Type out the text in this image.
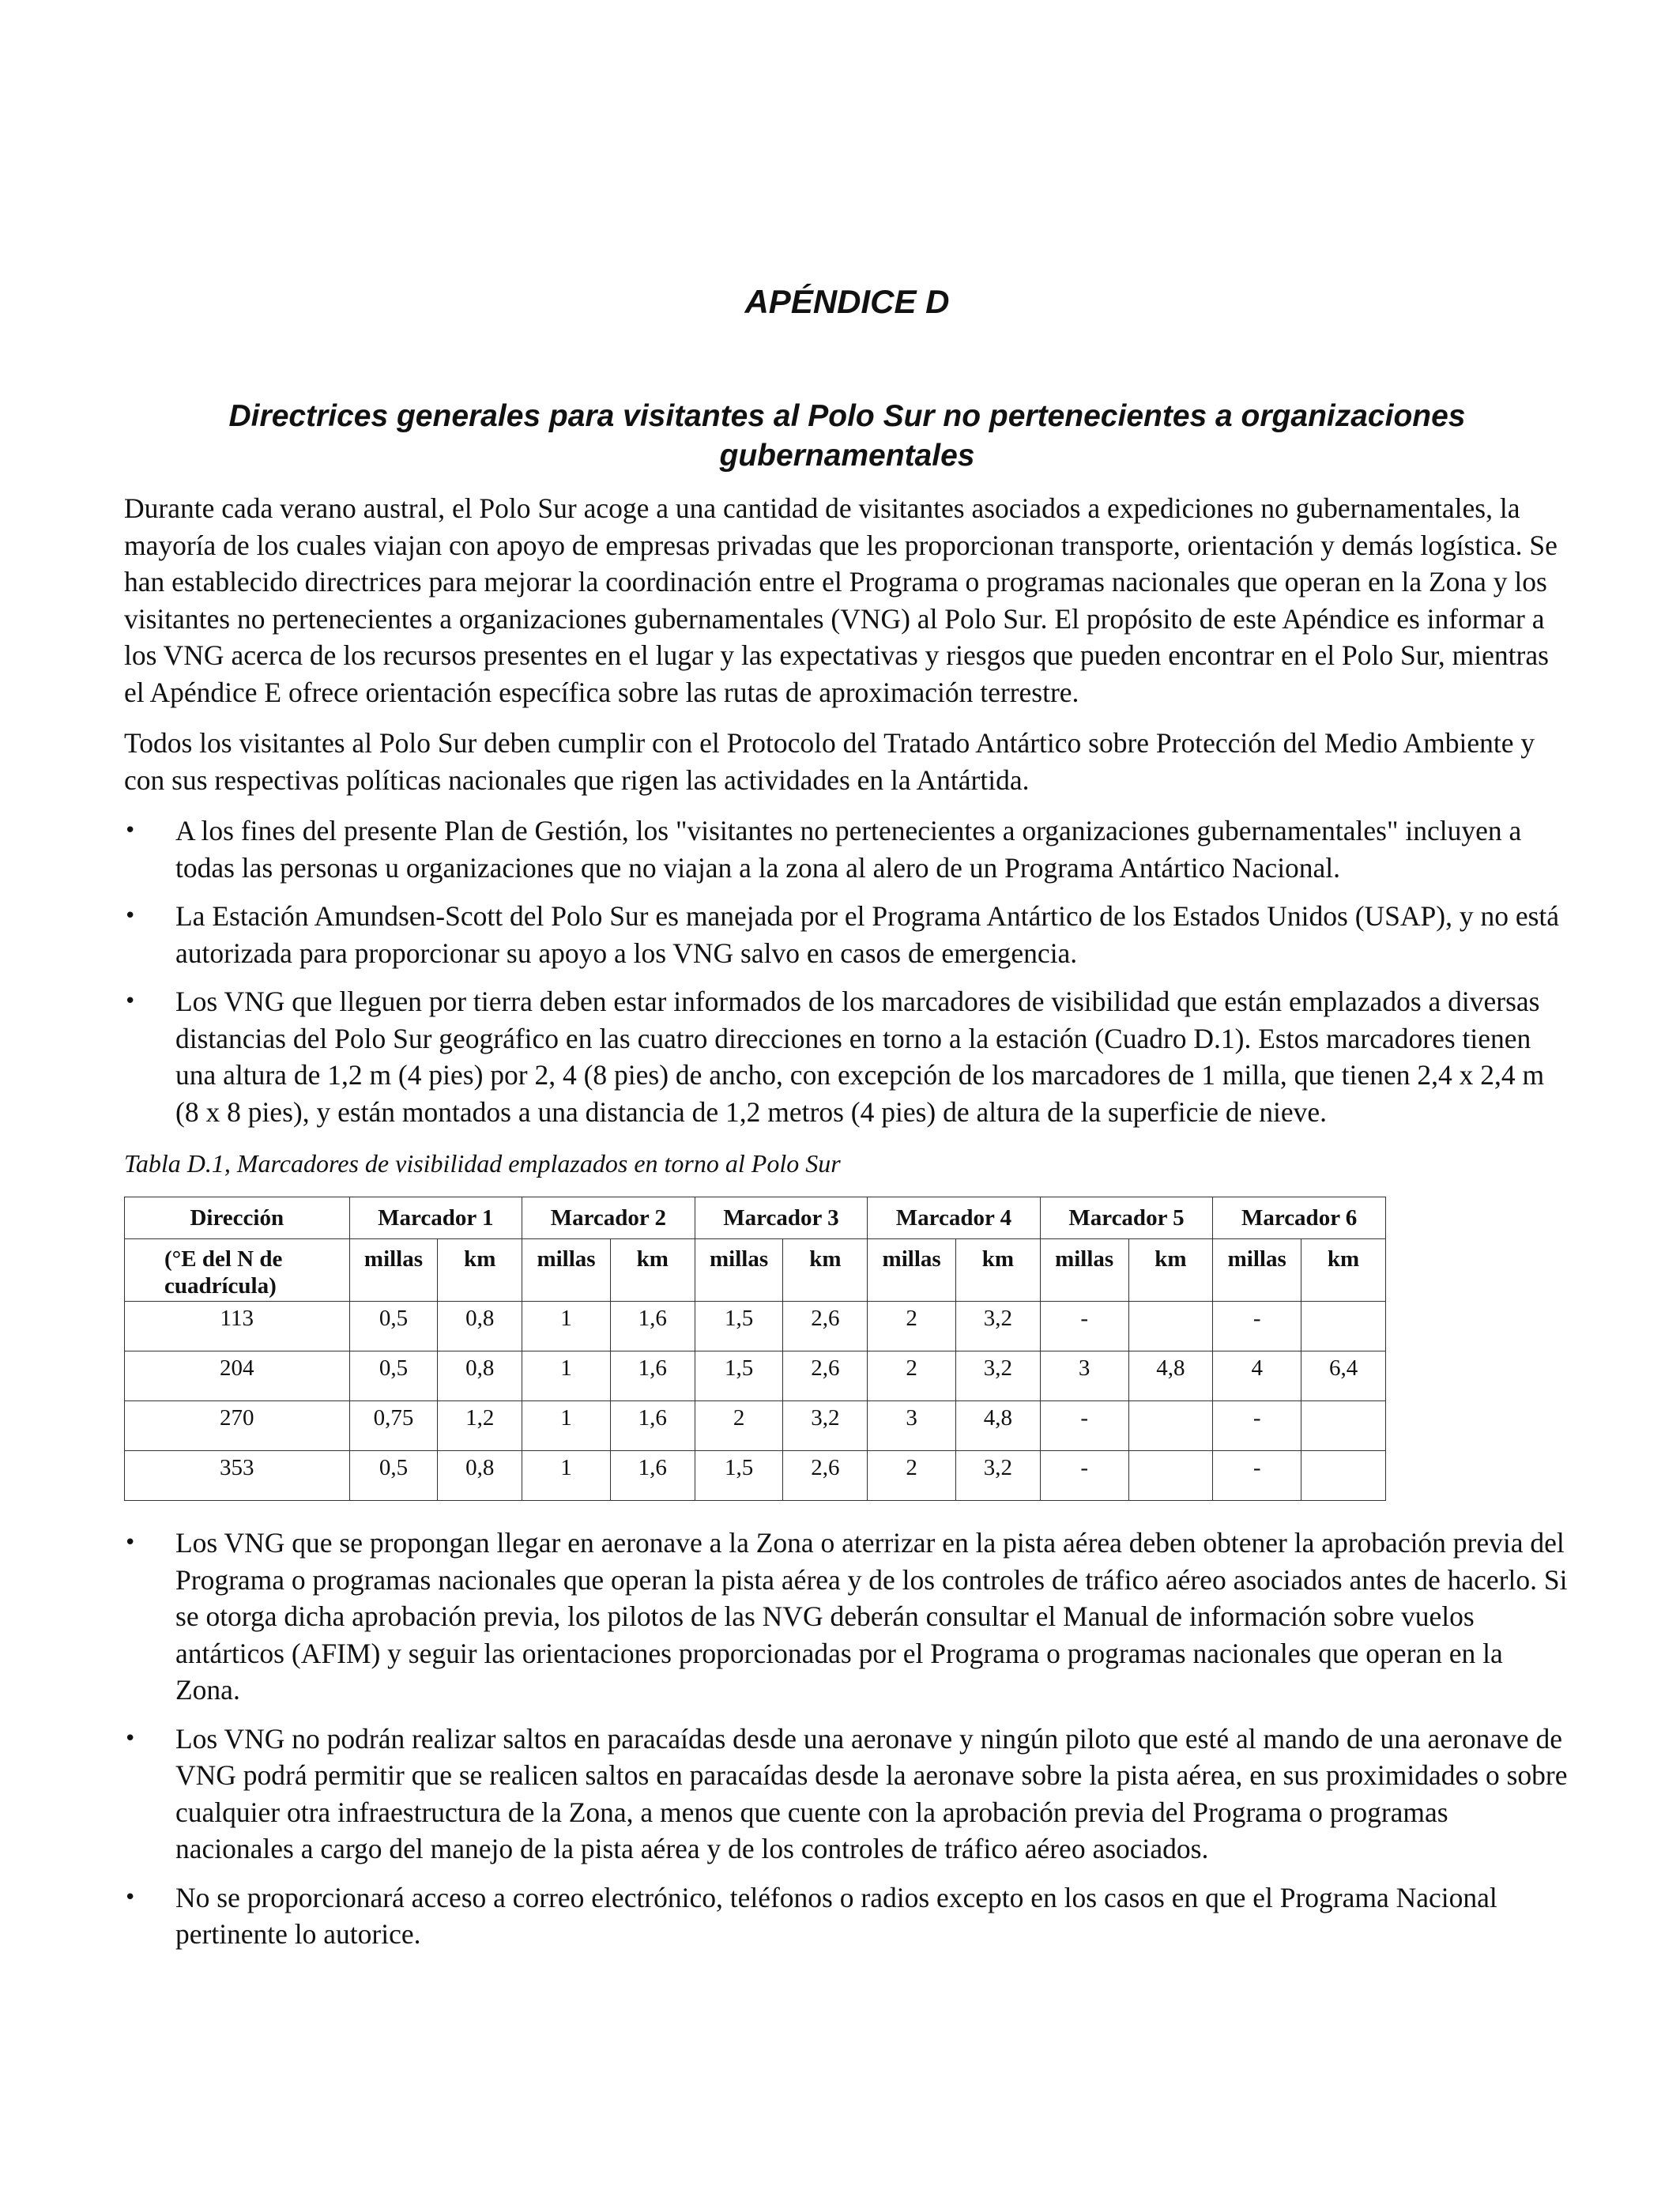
APÉNDICE D
Directrices generales para visitantes al Polo Sur no pertenecientes a organizaciones gubernamentales

Durante cada verano austral, el Polo Sur acoge a una cantidad de visitantes asociados a expediciones no gubernamentales, la mayoría de los cuales viajan con apoyo de empresas privadas que les proporcionan transporte, orientación y demás logística. Se han establecido directrices para mejorar la coordinación entre el Programa o programas nacionales que operan en la Zona y los visitantes no pertenecientes a organizaciones gubernamentales (VNG) al Polo Sur. El propósito de este Apéndice es informar a los VNG acerca de los recursos presentes en el lugar y las expectativas y riesgos que pueden encontrar en el Polo Sur, mientras el Apéndice E ofrece orientación específica sobre las rutas de aproximación terrestre.

Todos los visitantes al Polo Sur deben cumplir con el Protocolo del Tratado Antártico sobre Protección del Medio Ambiente y con sus respectivas políticas nacionales que rigen las actividades en la Antártida.

• A los fines del presente Plan de Gestión, los "visitantes no pertenecientes a organizaciones gubernamentales" incluyen a todas las personas u organizaciones que no viajan a la zona al alero de un Programa Antártico Nacional.
• La Estación Amundsen-Scott del Polo Sur es manejada por el Programa Antártico de los Estados Unidos (USAP), y no está autorizada para proporcionar su apoyo a los VNG salvo en casos de emergencia.
• Los VNG que lleguen por tierra deben estar informados de los marcadores de visibilidad que están emplazados a diversas distancias del Polo Sur geográfico en las cuatro direcciones en torno a la estación (Cuadro D.1). Estos marcadores tienen una altura de 1,2 m (4 pies) por 2, 4 (8 pies) de ancho, con excepción de los marcadores de 1 milla, que tienen 2,4 x 2,4 m (8 x 8 pies), y están montados a una distancia de 1,2 metros (4 pies) de altura de la superficie de nieve.
Tabla D.1, Marcadores de visibilidad emplazados en torno al Polo Sur
Dirección	Marcador 1		Marcador 2		Marcador 3		Marcador 4		Marcador 5		Marcador 6	
(°E del N de cuadrícula)	millas	km	millas	km	millas	km	millas	km	millas	km	millas	km
113	0,5	0,8	1	1,6	1,5	2,6	2	3,2	-		-	
204	0,5	0,8	1	1,6	1,5	2,6	2	3,2	3	4,8	4	6,4
270	0,75	1,2	1	1,6	2	3,2	3	4,8	-		-	
353	0,5	0,8	1	1,6	1,5	2,6	2	3,2	-		-	
• Los VNG que se propongan llegar en aeronave a la Zona o aterrizar en la pista aérea deben obtener la aprobación previa del Programa o programas nacionales que operan la pista aérea y de los controles de tráfico aéreo asociados antes de hacerlo. Si se otorga dicha aprobación previa, los pilotos de las NVG deberán consultar el Manual de información sobre vuelos antárticos (AFIM) y seguir las orientaciones proporcionadas por el Programa o programas nacionales que operan en la Zona.
• Los VNG no podrán realizar saltos en paracaídas desde una aeronave y ningún piloto que esté al mando de una aeronave de VNG podrá permitir que se realicen saltos en paracaídas desde la aeronave sobre la pista aérea, en sus proximidades o sobre cualquier otra infraestructura de la Zona, a menos que cuente con la aprobación previa del Programa o programas nacionales a cargo del manejo de la pista aérea y de los controles de tráfico aéreo asociados.
• No se proporcionará acceso a correo electrónico, teléfonos o radios excepto en los casos en que el Programa Nacional pertinente lo autorice.
